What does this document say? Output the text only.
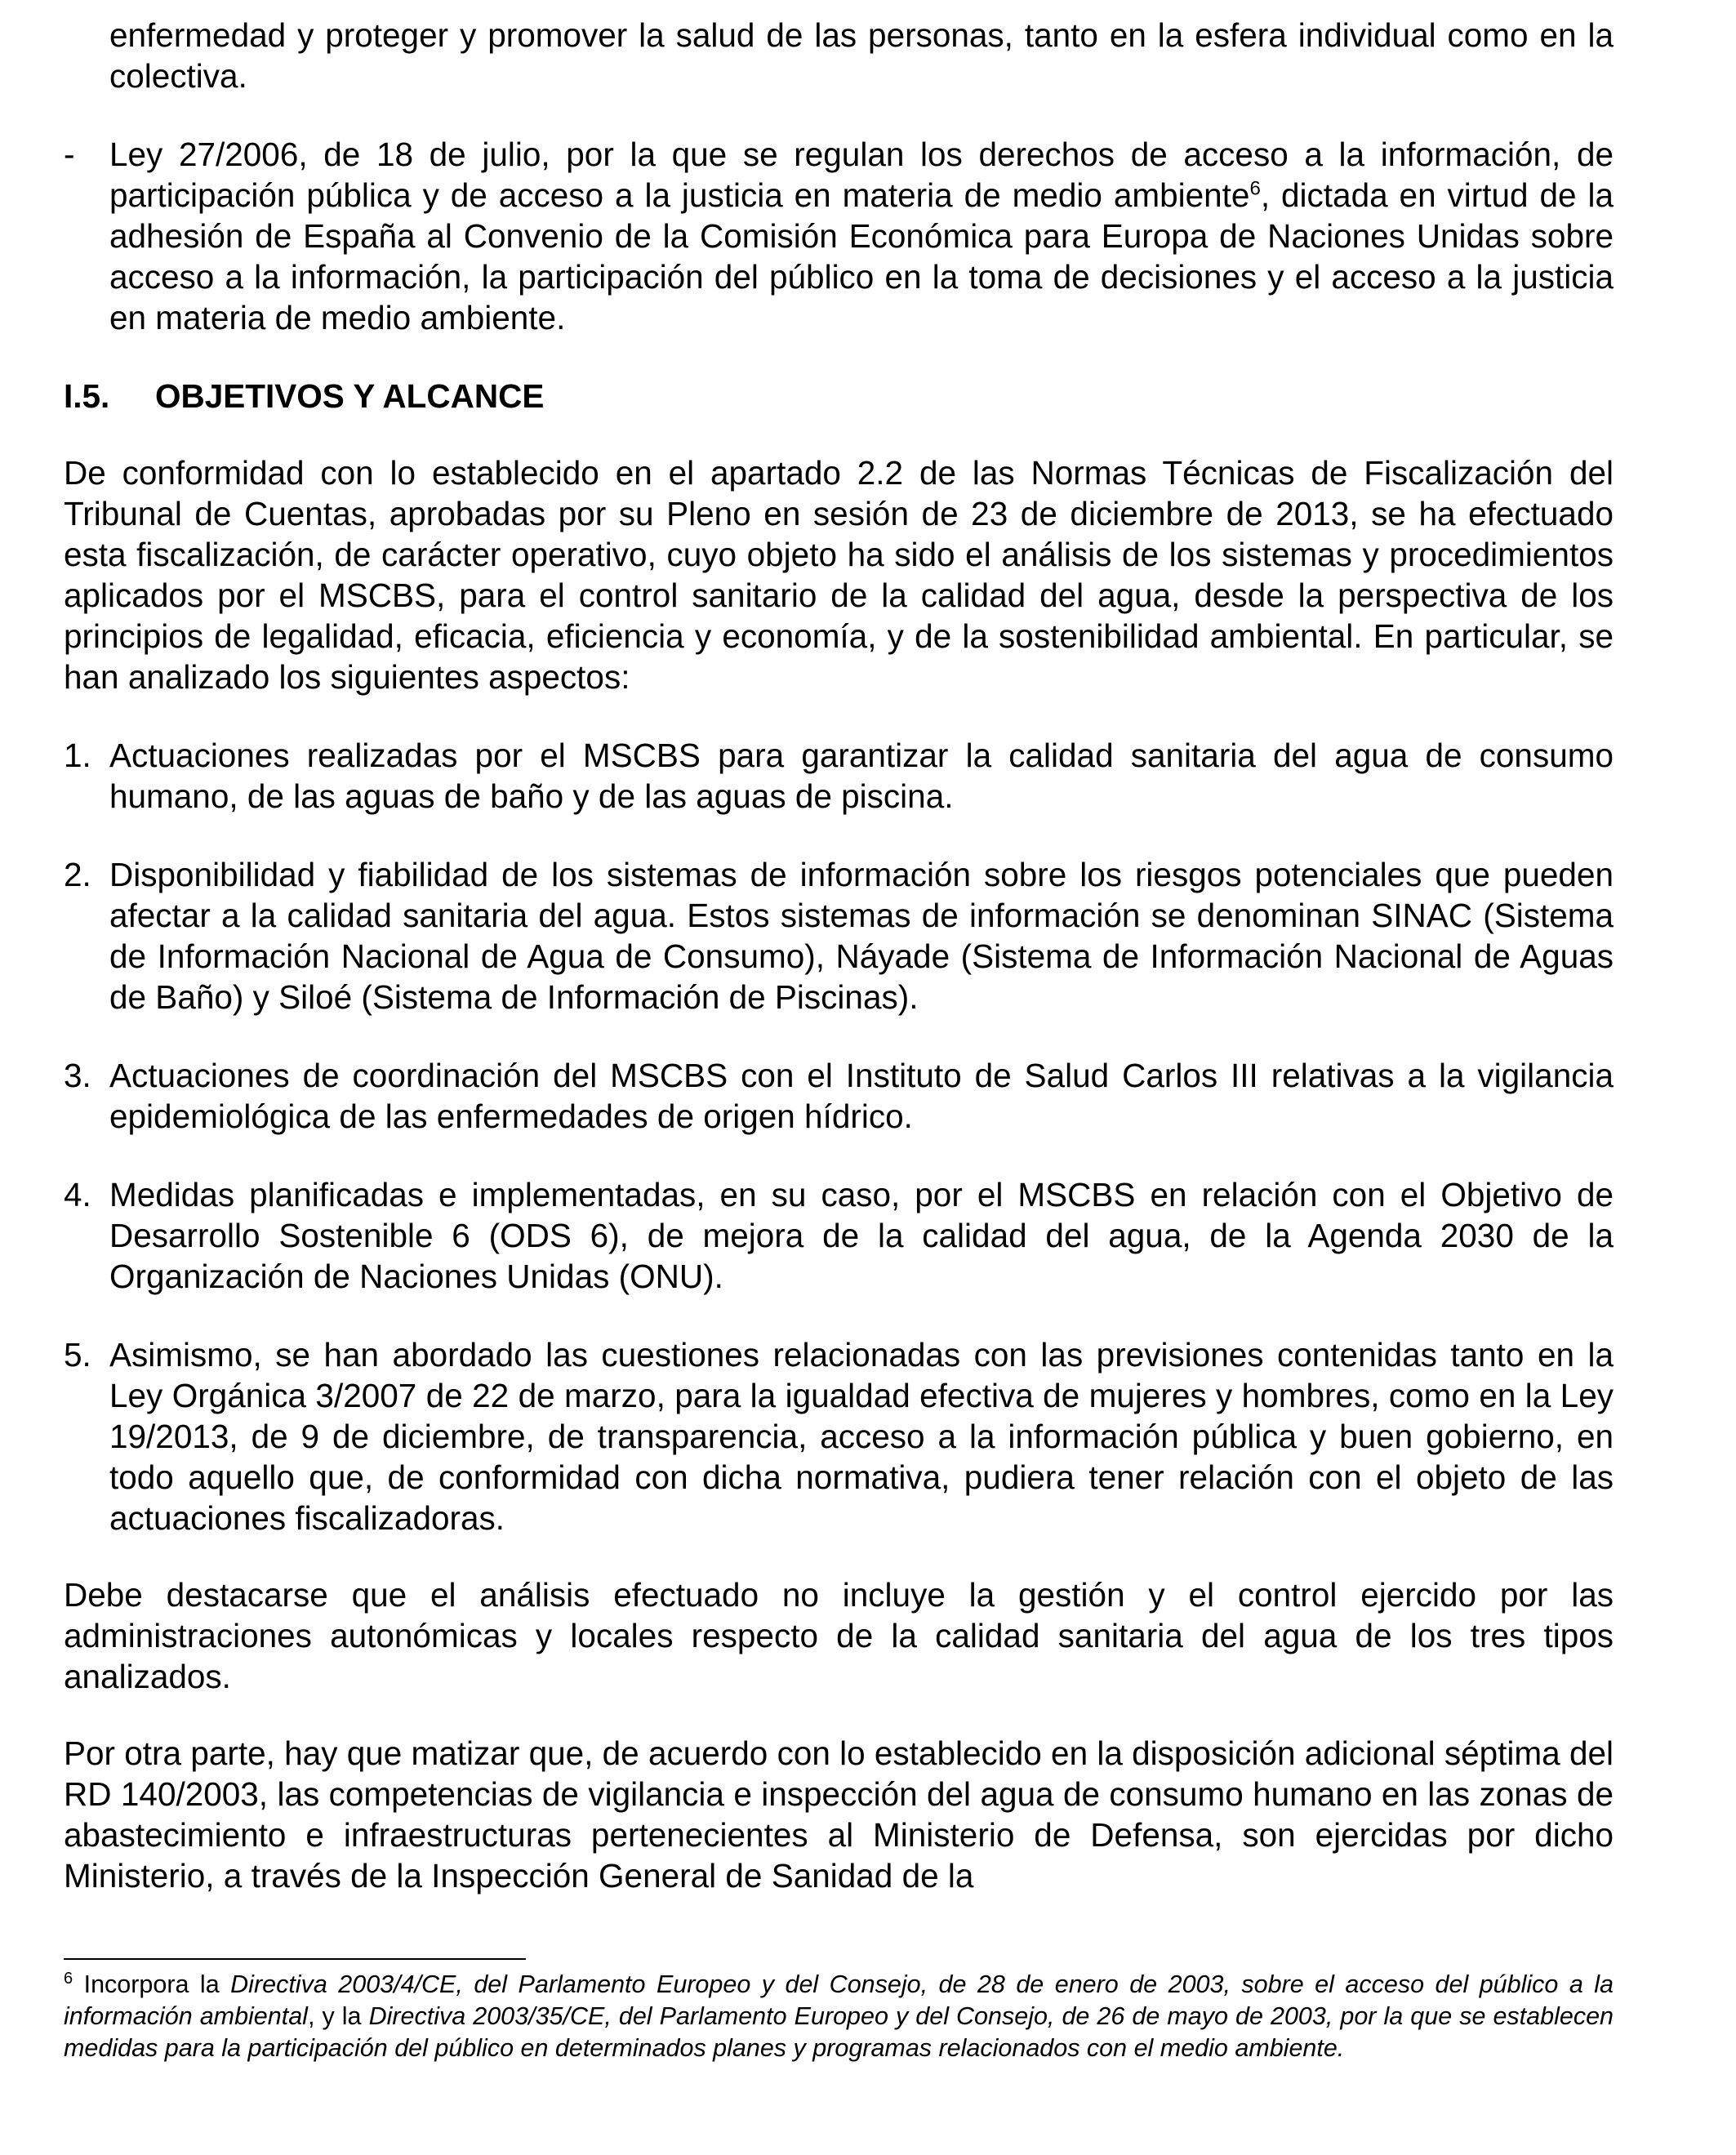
enfermedad y proteger y promover la salud de las personas, tanto en la esfera individual como en la colectiva.

- Ley 27/2006, de 18 de julio, por la que se regulan los derechos de acceso a la información, de participación pública y de acceso a la justicia en materia de medio ambiente$^6$, dictada en virtud de la adhesión de España al Convenio de la Comisión Económica para Europa de Naciones Unidas sobre acceso a la información, la participación del público en la toma de decisiones y el acceso a la justicia en materia de medio ambiente.
I.5. OBJETIVOS Y ALCANCE

De conformidad con lo establecido en el apartado 2.2 de las Normas Técnicas de Fiscalización del Tribunal de Cuentas, aprobadas por su Pleno en sesión de 23 de diciembre de 2013, se ha efectuado esta fiscalización, de carácter operativo, cuyo objeto ha sido el análisis de los sistemas y procedimientos aplicados por el MSCBS, para el control sanitario de la calidad del agua, desde la perspectiva de los principios de legalidad, eficacia, eficiencia y economía, y de la sostenibilidad ambiental. En particular, se han analizado los siguientes aspectos:

1. Actuaciones realizadas por el MSCBS para garantizar la calidad sanitaria del agua de consumo humano, de las aguas de baño y de las aguas de piscina.
2. Disponibilidad y fiabilidad de los sistemas de información sobre los riesgos potenciales que pueden afectar a la calidad sanitaria del agua. Estos sistemas de información se denominan SINAC (Sistema de Información Nacional de Agua de Consumo), Náyade (Sistema de Información Nacional de Aguas de Baño) y Siloé (Sistema de Información de Piscinas).
3. Actuaciones de coordinación del MSCBS con el Instituto de Salud Carlos III relativas a la vigilancia epidemiológica de las enfermedades de origen hídrico.
4. Medidas planificadas e implementadas, en su caso, por el MSCBS en relación con el Objetivo de Desarrollo Sostenible 6 (ODS 6), de mejora de la calidad del agua, de la Agenda 2030 de la Organización de Naciones Unidas (ONU).
5. Asimismo, se han abordado las cuestiones relacionadas con las previsiones contenidas tanto en la Ley Orgánica 3/2007 de 22 de marzo, para la igualdad efectiva de mujeres y hombres, como en la Ley 19/2013, de 9 de diciembre, de transparencia, acceso a la información pública y buen gobierno, en todo aquello que, de conformidad con dicha normativa, pudiera tener relación con el objeto de las actuaciones fiscalizadoras.

Debe destacarse que el análisis efectuado no incluye la gestión y el control ejercido por las administraciones autonómicas y locales respecto de la calidad sanitaria del agua de los tres tipos analizados.

Por otra parte, hay que matizar que, de acuerdo con lo establecido en la disposición adicional séptima del RD 140/2003, las competencias de vigilancia e inspección del agua de consumo humano en las zonas de abastecimiento e infraestructuras pertenecientes al Ministerio de Defensa, son ejercidas por dicho Ministerio, a través de la Inspección General de Sanidad de la

$^6$ Incorpora la Directiva 2003/4/CE, del Parlamento Europeo y del Consejo, de 28 de enero de 2003, sobre el acceso del público a la información ambiental, y la Directiva 2003/35/CE, del Parlamento Europeo y del Consejo, de 26 de mayo de 2003, por la que se establecen medidas para la participación del público en determinados planes y programas relacionados con el medio ambiente.
